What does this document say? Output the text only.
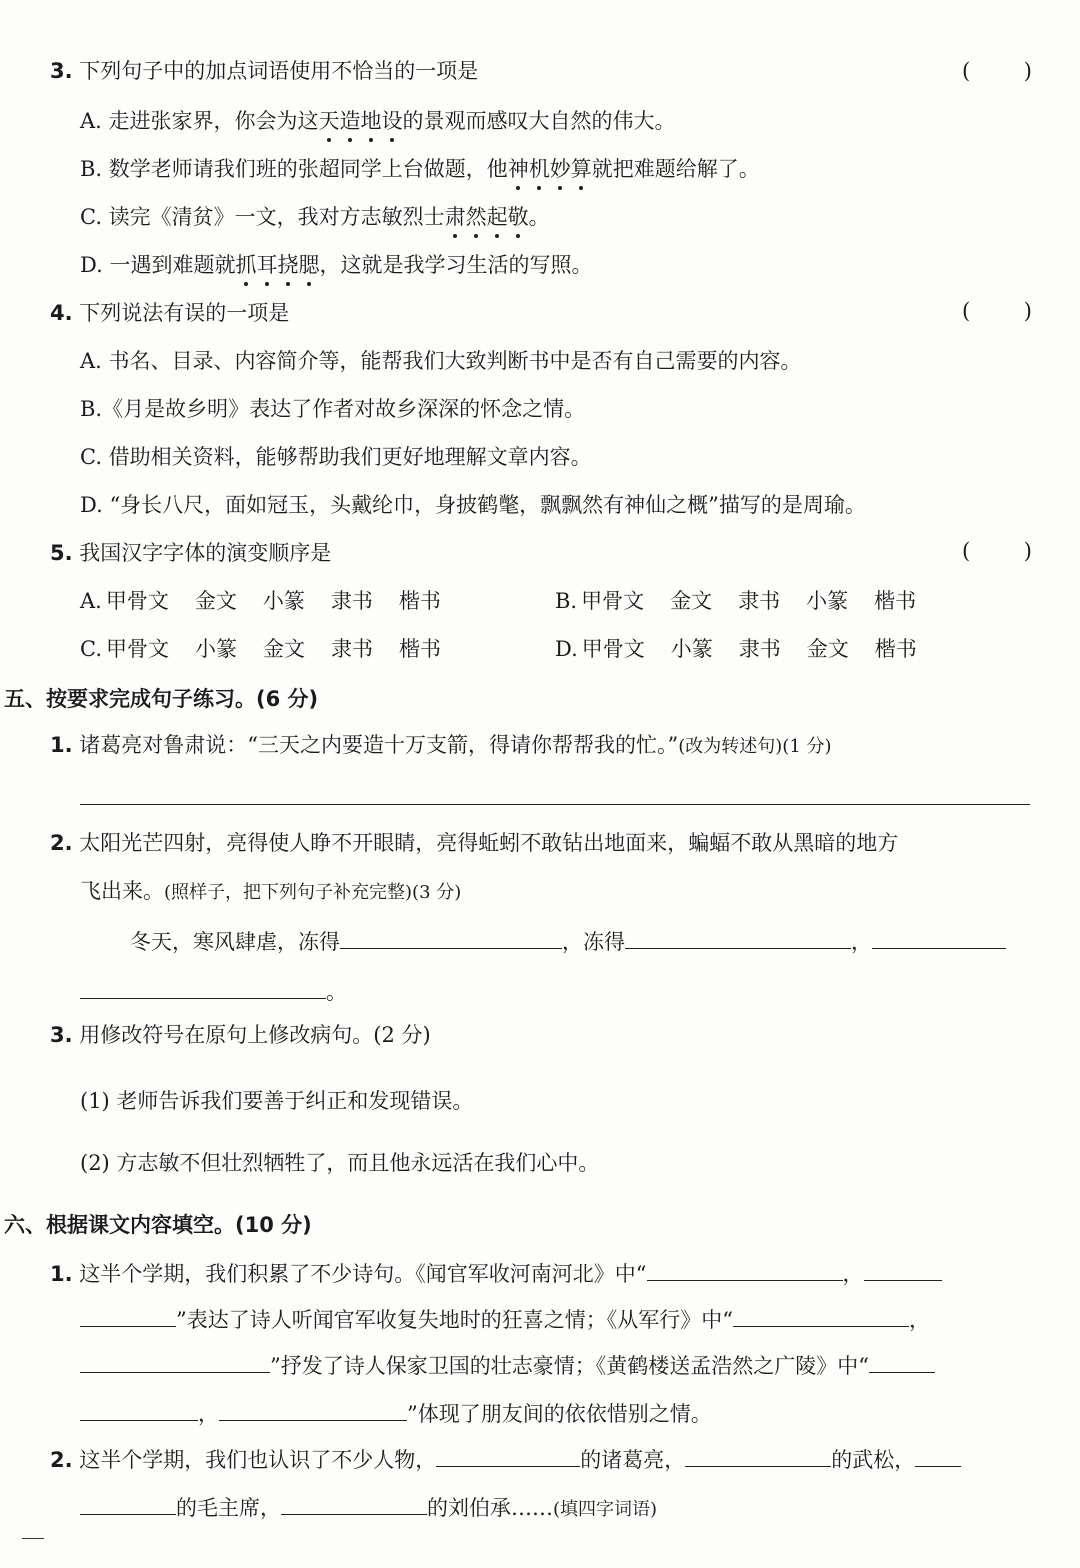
3. 下列句子中的加点词语使用不恰当的一项是	(	)
A. 走进张家界，你会为这天造地设的景观而感叹大自然的伟大。
B. 数学老师请我们班的张超同学上台做题，他神机妙算就把难题给解了。
C. 读完《清贫》一文，我对方志敏烈士肃然起敬。
D. 一遇到难题就抓耳挠腮，这就是我学习生活的写照。
4. 下列说法有误的一项是	(	)
A. 书名、目录、内容简介等，能帮我们大致判断书中是否有自己需要的内容。
B.《月是故乡明》表达了作者对故乡深深的怀念之情。
C. 借助相关资料，能够帮助我们更好地理解文章内容。
D. “身长八尺，面如冠玉，头戴纶巾，身披鹤氅，飘飘然有神仙之概”描写的是周瑜。
5. 我国汉字字体的演变顺序是	(	)
A. 甲骨文 金文 小篆 隶书 楷书	B. 甲骨文 金文 隶书 小篆 楷书
C. 甲骨文 小篆 金文 隶书 楷书	D. 甲骨文 小篆 隶书 金文 楷书
五、按要求完成句子练习。(6 分)
1. 诸葛亮对鲁肃说：“三天之内要造十万支箭，得请你帮帮我的忙。”(改为转述句)(1 分)
2. 太阳光芒四射，亮得使人睁不开眼睛，亮得蚯蚓不敢钻出地面来，蝙蝠不敢从黑暗的地方
飞出来。(照样子，把下列句子补充完整)(3 分)
冬天，寒风肆虐，冻得	，冻得	，
。
3. 用修改符号在原句上修改病句。(2 分)
(1) 老师告诉我们要善于纠正和发现错误。
(2) 方志敏不但壮烈牺牲了，而且他永远活在我们心中。
六、根据课文内容填空。(10 分)
1. 这半个学期，我们积累了不少诗句。《闻官军收河南河北》中“	，
”表达了诗人听闻官军收复失地时的狂喜之情；《从军行》中“	，
”抒发了诗人保家卫国的壮志豪情；《黄鹤楼送孟浩然之广陵》中“
，	”体现了朋友间的依依惜别之情。
2. 这半个学期，我们也认识了不少人物，	的诸葛亮，	的武松，
的毛主席，	的刘伯承……(填四字词语)
